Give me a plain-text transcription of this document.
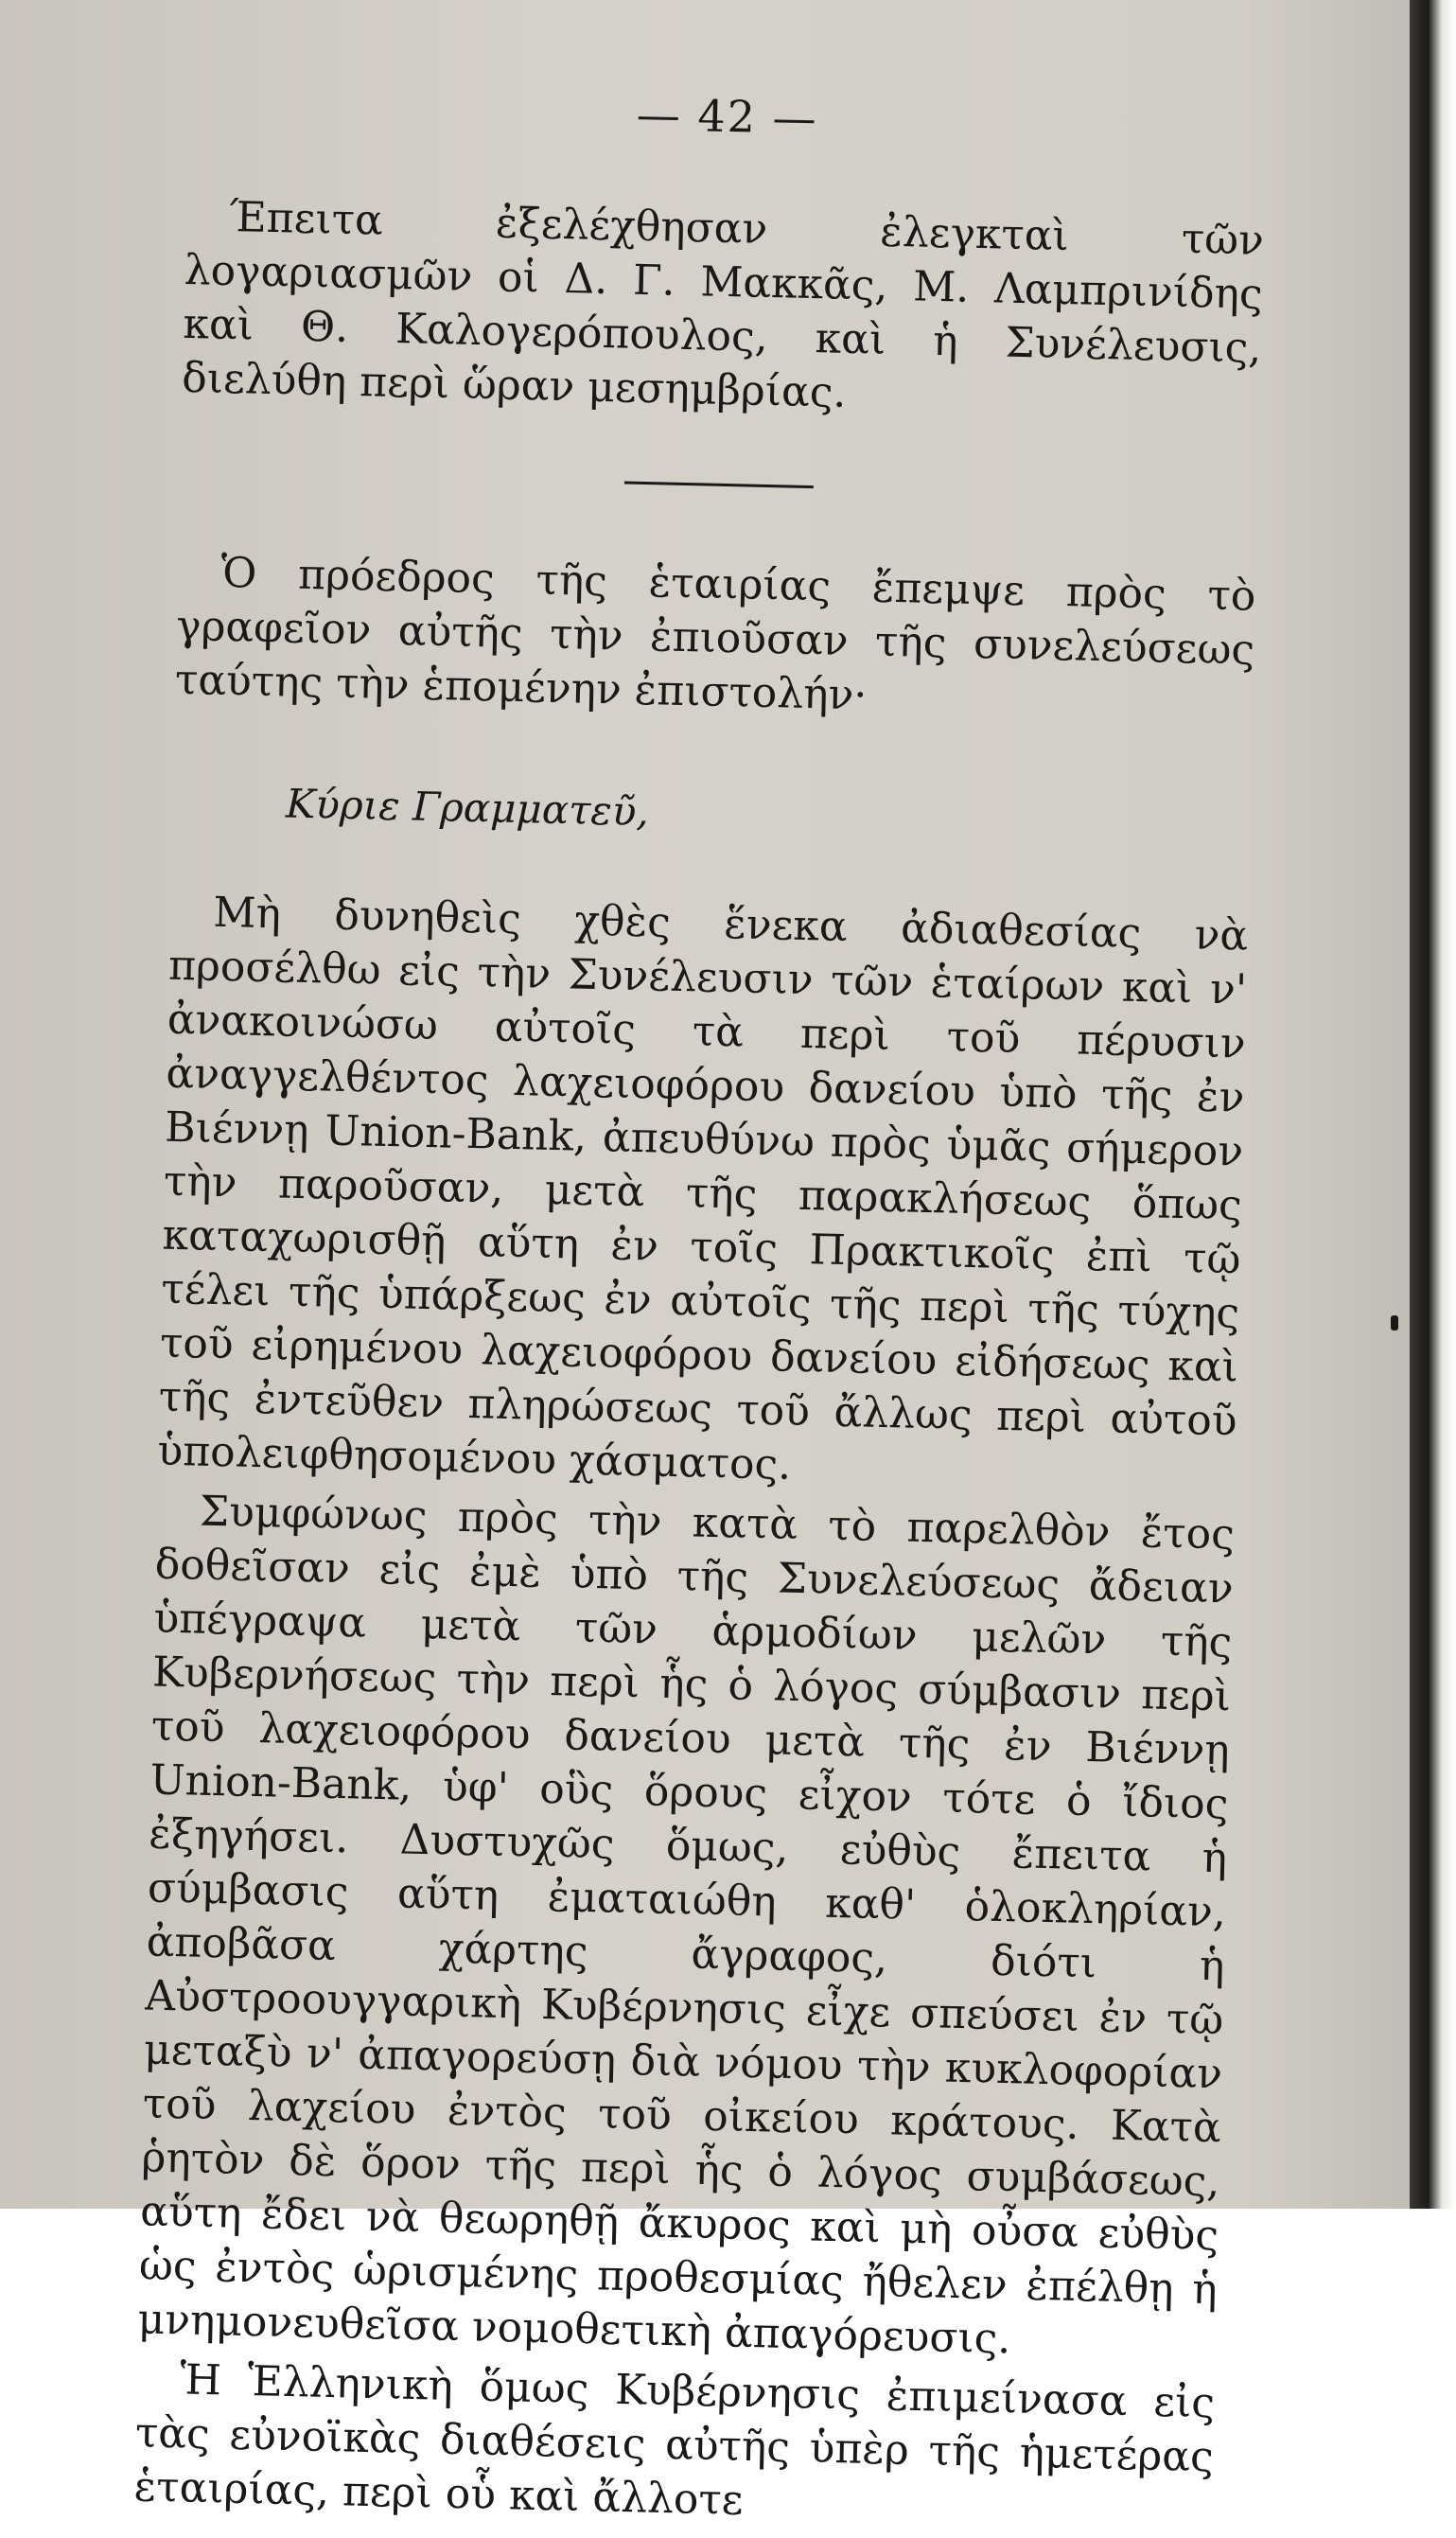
— 42 —

Έπειτα ἐξελέχθησαν ἐλεγκταὶ τῶν λογαριασμῶν οἱ Δ. Γ. Μακκᾶς, Μ. Λαμπρινίδης καὶ Θ. Καλογερόπουλος, καὶ ἡ Συνέλευσις, διελύθη περὶ ὥραν μεσημβρίας.

Ὁ πρόεδρος τῆς ἑταιρίας ἔπεμψε πρὸς τὸ γραφεῖον αὐτῆς τὴν ἐπιοῦσαν τῆς συνελεύσεως ταύτης τὴν ἑπομένην ἐπιστολήν·

Κύριε Γραμματεῦ,

Μὴ δυνηθεὶς χθὲς ἕνεκα ἀδιαθεσίας νὰ προσέλθω εἰς τὴν Συνέλευσιν τῶν ἑταίρων καὶ ν' ἀνακοινώσω αὐτοῖς τὰ περὶ τοῦ πέρυσιν ἀναγγελθέντος λαχειοφόρου δανείου ὑπὸ τῆς ἐν Βιέννῃ Union-Bank, ἀπευθύνω πρὸς ὑμᾶς σήμερον τὴν παροῦσαν, μετὰ τῆς παρακλήσεως ὅπως καταχωρισθῇ αὕτη ἐν τοῖς Πρακτικοῖς ἐπὶ τῷ τέλει τῆς ὑπάρξεως ἐν αὐτοῖς τῆς περὶ τῆς τύχης τοῦ εἰρημένου λαχειοφόρου δανείου εἰδήσεως καὶ τῆς ἐντεῦθεν πληρώσεως τοῦ ἄλλως περὶ αὐτοῦ ὑπολειφθησομένου χάσματος.

Συμφώνως πρὸς τὴν κατὰ τὸ παρελθὸν ἔτος δοθεῖσαν εἰς ἐμὲ ὑπὸ τῆς Συνελεύσεως ἄδειαν ὑπέγραψα μετὰ τῶν ἁρμοδίων μελῶν τῆς Κυβερνήσεως τὴν περὶ ἧς ὁ λόγος σύμβασιν περὶ τοῦ λαχειοφόρου δανείου μετὰ τῆς ἐν Βιέννῃ Union-Bank, ὑφ' οὓς ὅρους εἶχον τότε ὁ ἴδιος ἐξηγήσει. Δυστυχῶς ὅμως, εὐθὺς ἔπειτα ἡ σύμβασις αὕτη ἐματαιώθη καθ' ὁλοκληρίαν, ἀποβᾶσα χάρτης ἄγραφος, διότι ἡ Αὐστροουγγαρικὴ Κυβέρνησις εἶχε σπεύσει ἐν τῷ μεταξὺ ν' ἀπαγορεύσῃ διὰ νόμου τὴν κυκλοφορίαν τοῦ λαχείου ἐντὸς τοῦ οἰκείου κράτους. Κατὰ ῥητὸν δὲ ὅρον τῆς περὶ ἧς ὁ λόγος συμβάσεως, αὕτη ἔδει νὰ θεωρηθῇ ἄκυρος καὶ μὴ οὖσα εὐθὺς ὡς ἐντὸς ὡρισμένης προθεσμίας ἤθελεν ἐπέλθῃ ἡ μνημονευθεῖσα νομοθετικὴ ἀπαγόρευσις.

Ἡ Ἑλληνικὴ ὅμως Κυβέρνησις ἐπιμείνασα εἰς τὰς εὐνοϊκὰς διαθέσεις αὐτῆς ὑπὲρ τῆς ἡμετέρας ἑταιρίας, περὶ οὗ καὶ ἄλλοτε
